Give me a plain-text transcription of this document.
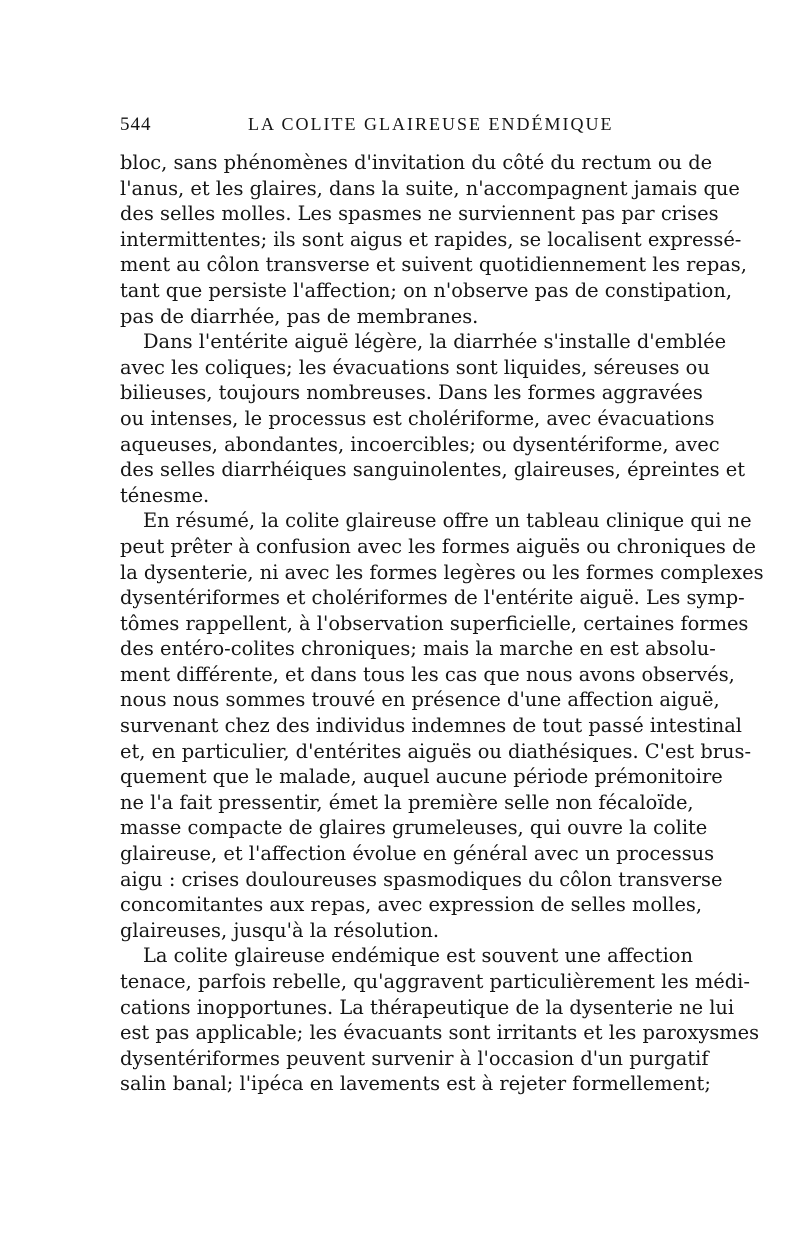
544	LA COLITE GLAIREUSE ENDÉMIQUE
bloc, sans phénomènes d'invitation du côté du rectum ou de
l'anus, et les glaires, dans la suite, n'accompagnent jamais que
des selles molles. Les spasmes ne surviennent pas par crises
intermittentes; ils sont aigus et rapides, se localisent expressé-
ment au côlon transverse et suivent quotidiennement les repas,
tant que persiste l'affection; on n'observe pas de constipation,
pas de diarrhée, pas de membranes.
Dans l'entérite aiguë légère, la diarrhée s'installe d'emblée
avec les coliques; les évacuations sont liquides, séreuses ou
bilieuses, toujours nombreuses. Dans les formes aggravées
ou intenses, le processus est cholériforme, avec évacuations
aqueuses, abondantes, incoercibles; ou dysentériforme, avec
des selles diarrhéiques sanguinolentes, glaireuses, épreintes et
ténesme.
En résumé, la colite glaireuse offre un tableau clinique qui ne
peut prêter à confusion avec les formes aiguës ou chroniques de
la dysenterie, ni avec les formes legères ou les formes complexes
dysentériformes et cholériformes de l'entérite aiguë. Les symp-
tômes rappellent, à l'observation superficielle, certaines formes
des entéro-colites chroniques; mais la marche en est absolu-
ment différente, et dans tous les cas que nous avons observés,
nous nous sommes trouvé en présence d'une affection aiguë,
survenant chez des individus indemnes de tout passé intestinal
et, en particulier, d'entérites aiguës ou diathésiques. C'est brus-
quement que le malade, auquel aucune période prémonitoire
ne l'a fait pressentir, émet la première selle non fécaloïde,
masse compacte de glaires grumeleuses, qui ouvre la colite
glaireuse, et l'affection évolue en général avec un processus
aigu : crises douloureuses spasmodiques du côlon transverse
concomitantes aux repas, avec expression de selles molles,
glaireuses, jusqu'à la résolution.
La colite glaireuse endémique est souvent une affection
tenace, parfois rebelle, qu'aggravent particulièrement les médi-
cations inopportunes. La thérapeutique de la dysenterie ne lui
est pas applicable; les évacuants sont irritants et les paroxysmes
dysentériformes peuvent survenir à l'occasion d'un purgatif
salin banal; l'ipéca en lavements est à rejeter formellement;
